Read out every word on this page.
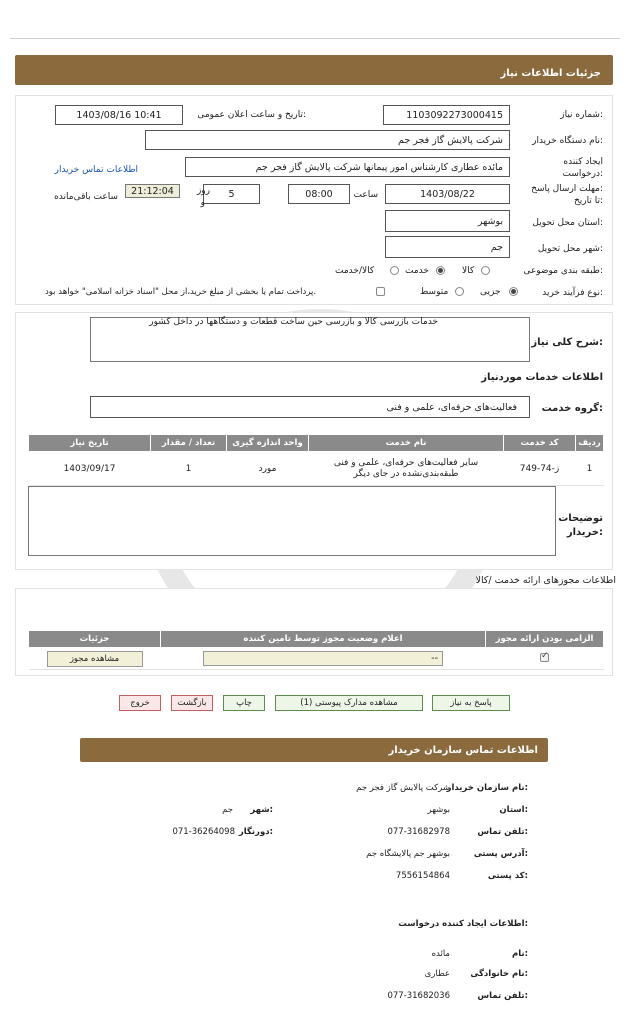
جزئیات اطلاعات نیاز
شماره نیاز:
1103092273000415
تاریخ و ساعت اعلان عمومی:
1403/08/16 10:41
نام دستگاه خریدار:
شرکت پالایش گاز فجر جم
ایجاد کننده
درخواست:
مائده عطاری کارشناس امور پیمانها شرکت پالایش گاز فجر جم
اطلاعات تماس خریدار
مهلت ارسال پاسخ:
تا تاریخ:
1403/08/22
ساعت
08:00
5
روز
و
21:12:04
ساعت باقی‌مانده
استان محل تحویل:
بوشهر
شهر محل تحویل:
جم
طبقه بندی موضوعی:
کالا
خدمت
کالا/خدمت
نوع فرآیند خرید:
جزیی
متوسط
پرداخت تمام یا بخشی از مبلغ خرید،از محل "اسناد خزانه اسلامی" خواهد بود.
شرح کلی نیاز:
خدمات بازرسی کالا و بازرسی حین ساخت قطعات و دستگاهها در داخل کشور
اطلاعات خدمات مورد‌نیاز
گروه خدمت:
فعالیت‌های حرفه‌ای، علمی و فنی
ردیف	کد خدمت	نام خدمت	واحد اندازه گیری	تعداد / مقدار	تاریخ نیاز
1	ز-74-749	سایر فعالیت‌های حرفه‌ای، علمی و فنی
طبقه‌بندی‌نشده در جای دیگر	مورد	1	1403/09/17
توضیحات
خریدار:
اطلاعات مجوزهای ارائه خدمت /کالا
الزامی بودن ارائه مجوز	اعلام وضعیت مجوز توسط تامین کننده	جزئیات

✓	--	مشاهده مجوز
پاسخ به نیاز
مشاهده مدارک پیوستی (1)
چاپ
بازگشت
خروج
اطلاعات تماس سازمان خریدار
نام سازمان خریدار:
شرکت پالایش گاز فجر جم
استان:
بوشهر
شهر:
جم
تلفن تماس:
077-31682978
دورنگار:
071-36264098
آدرس پستی:
بوشهر جم پالایشگاه جم
کد پستی:
7556154864
اطلاعات ایجاد کننده درخواست:
نام:
مائده
نام خانوادگی:
عطاری
تلفن تماس:
077-31682036
